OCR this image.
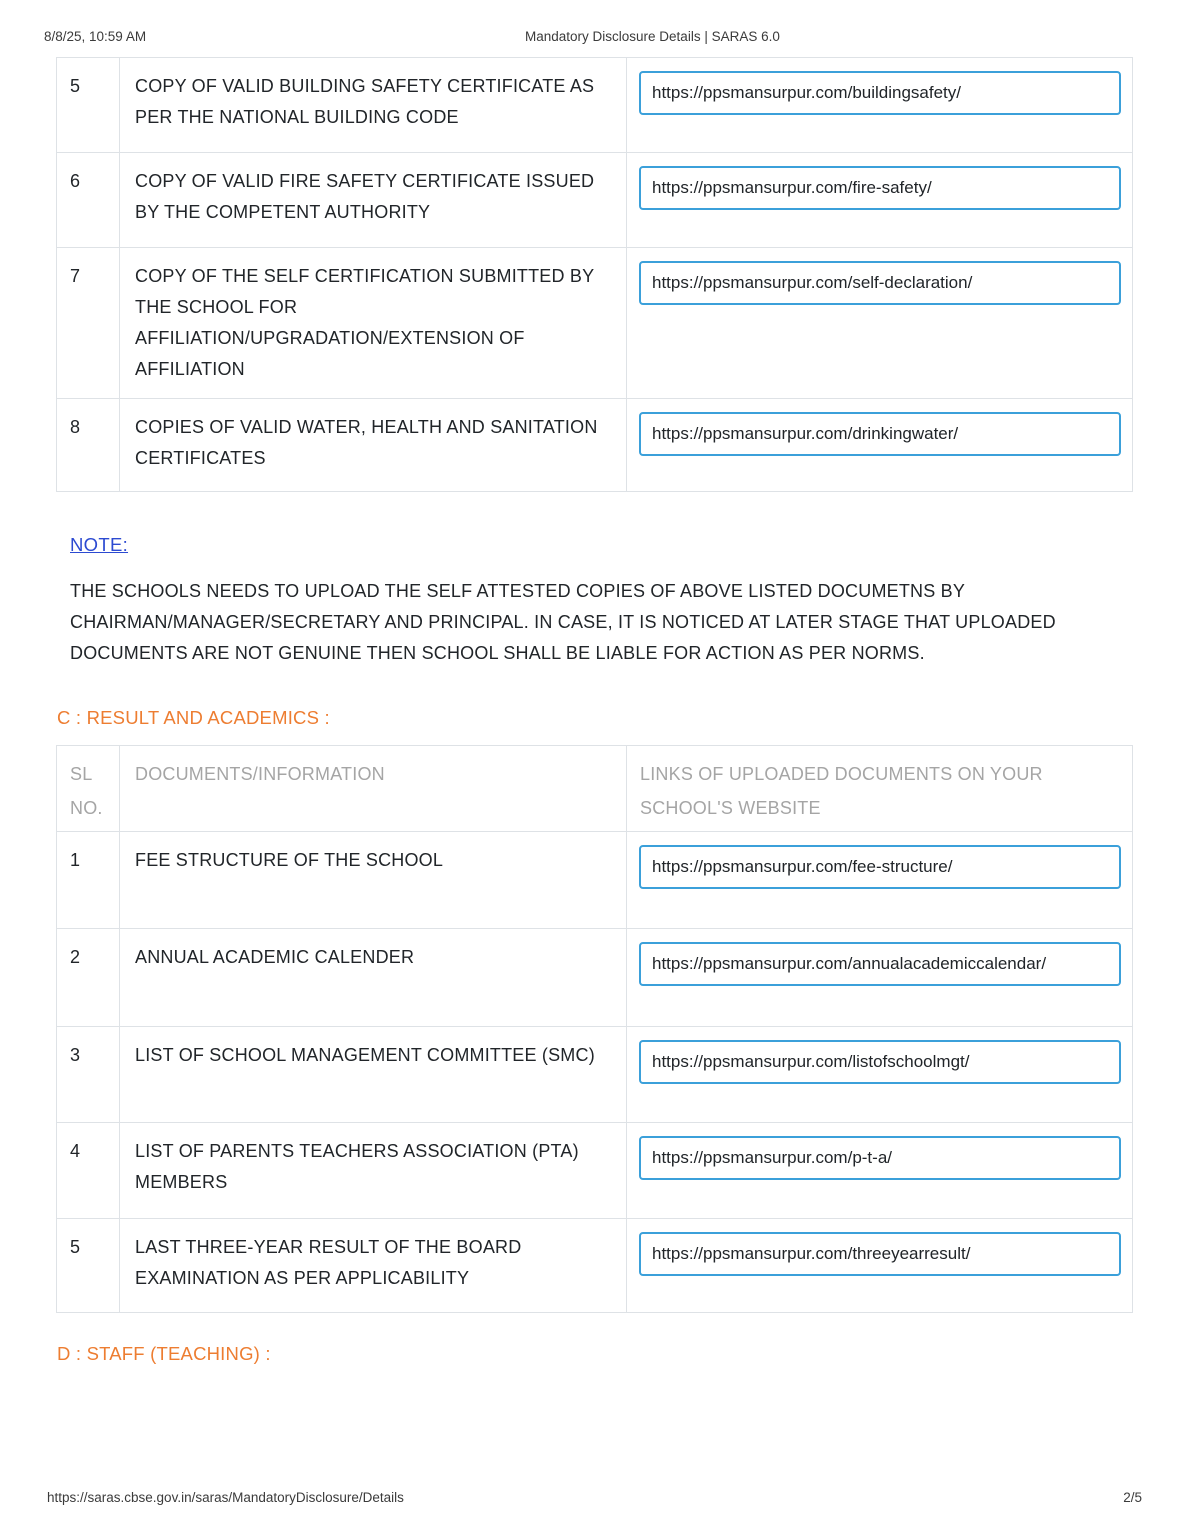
8/8/25, 10:59 AM	Mandatory Disclosure Details | SARAS 6.0
5	COPY OF VALID BUILDING SAFETY CERTIFICATE AS PER THE NATIONAL BUILDING CODE	https://ppsmansurpur.com/buildingsafety/
6	COPY OF VALID FIRE SAFETY CERTIFICATE ISSUED BY THE COMPETENT AUTHORITY	https://ppsmansurpur.com/fire-safety/
7	COPY OF THE SELF CERTIFICATION SUBMITTED BY THE SCHOOL FOR AFFILIATION/UPGRADATION/EXTENSION OF AFFILIATION	https://ppsmansurpur.com/self-declaration/
8	COPIES OF VALID WATER, HEALTH AND SANITATION CERTIFICATES	https://ppsmansurpur.com/drinkingwater/
NOTE:
THE SCHOOLS NEEDS TO UPLOAD THE SELF ATTESTED COPIES OF ABOVE LISTED DOCUMETNS BY CHAIRMAN/MANAGER/SECRETARY AND PRINCIPAL. IN CASE, IT IS NOTICED AT LATER STAGE THAT UPLOADED DOCUMENTS ARE NOT GENUINE THEN SCHOOL SHALL BE LIABLE FOR ACTION AS PER NORMS.
C : RESULT AND ACADEMICS :
SL NO.	DOCUMENTS/INFORMATION	LINKS OF UPLOADED DOCUMENTS ON YOUR SCHOOL'S WEBSITE
1	FEE STRUCTURE OF THE SCHOOL	https://ppsmansurpur.com/fee-structure/
2	ANNUAL ACADEMIC CALENDER	https://ppsmansurpur.com/annualacademiccalendar/
3	LIST OF SCHOOL MANAGEMENT COMMITTEE (SMC)	https://ppsmansurpur.com/listofschoolmgt/
4	LIST OF PARENTS TEACHERS ASSOCIATION (PTA) MEMBERS	https://ppsmansurpur.com/p-t-a/
5	LAST THREE-YEAR RESULT OF THE BOARD EXAMINATION AS PER APPLICABILITY	https://ppsmansurpur.com/threeyearresult/
D : STAFF (TEACHING) :
https://saras.cbse.gov.in/saras/MandatoryDisclosure/Details	2/5
